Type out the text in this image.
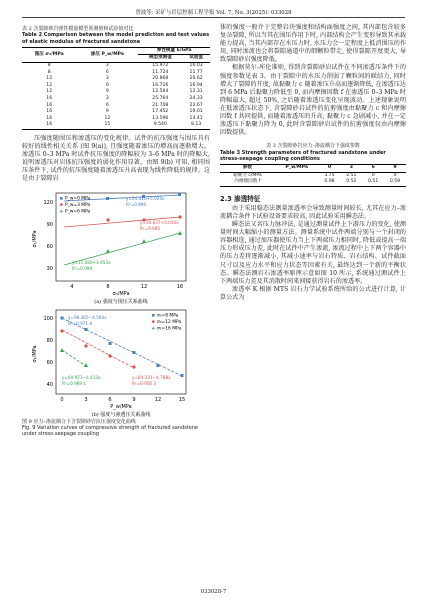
曾波等: 采矿与岩层控制工程学报 Vol. 7, No. 3(2025): 033028

表 2 含裂隙砂岩弹性模量模型预测值和试验值对比

Table 2 Comparison between the model prediction and test values of elastic modulus of fractured sandstone

围压 σ₃/MPa	渗压 P_w/MPa	弹性模量 E/GPa	
		模型预测值	试验值
8	3	15.972	16.03
8	6	11.724	11.77
12	3	20.868	20.62
12	6	16.716	16.94
12	9	12.564	12.31
16	3	25.764	24.33
16	6	21.708	22.67
16	9	17.452	19.01
16	12	13.596	14.41
16	15	9.540	8.13

压强度随围压和渗透压的变化规律。试件的抗压强度与围压具有较好的线性相关关系 (图 9(a)), 且强度随着渗压的增高而逐渐增大。渗透压 0–3 MPa 时试件抗压强度的降幅较为 3–6 MPa 时的降幅大, 说明渗透压对岩体抗压强度的弱化作用显著。由图 9(b) 可知, 相同围压条件下, 试件的抗压强度随着渗透压升高表现为线性降低的规律。这是由于裂隙岩

120
90
60
30
4	8	12	16
σ₁/MPa
σ₃/MPa
P_w=0 MPa
P_w=3 MPa
P_w=6 MPa
y=24.410+5.020x
R²=0.999
y=30.637+3.010x
R²=0.985
y=11.080+3.653x
R²=0.999
(a) 强度与围压关系曲线
100
80
60
40
0	3	6	9	12	15
σ₁/MPa
P_w/MPa
σ₃=8 MPa
σ₃=12 MPa
σ₃=16 MPa
y=98.365−4.564x
R²=0.971 8
y=84.331−4.788x
R²=0.956 3
y=64.973−4.413x
R²=0.989 1
(b) 强度与渗透压关系曲线

图 9 应力–渗流耦合下含裂隙砂岩抗压强度变化曲线

Fig. 9 Variation curves of compressive strength of fractured sandstone under stress-seepage coupling

体的强度一般介于完整岩块强度和结构面强度之间, 其内部包含较多复杂裂隙, 所以当其在围压作用下时, 内部结构会产生变形导致其承载能力提高, 当其内部存在水压力时, 水压力会一定程度上抵消围压的作用, 同时渗流也会将裂隙通道中的细颗粒带走, 使得裂隙开度更大, 导致裂隙砂岩强度降低。

根据莫尔-库伦准则, 得到含裂隙砂岩试件在不同渗透压条件下的强度参数见表 3。由于裂隙中的水压力削弱了颗粒间的联结力, 同时增大了裂隙的开度, 故黏聚力 c 随着渗压升高而逐渐降低, 在渗透压达到 6 MPa 后黏聚力降低至 0, 而内摩擦因数 f 在渗透压 0–3 MPa 时降幅最大, 超过 50%, 之后随着渗透压变化呈现波动。上述现象说明在低渗透压状态下, 含裂隙砂岩试件的抗剪强度由黏聚力 c 和内摩擦因数 f 共同提供, 而随着渗透压的升高, 黏聚力 c 急剧减小, 并在一定渗透压下黏聚力降为 0, 此时含裂隙砂岩试件的抗剪强度仅由内摩擦因数提供。

表 3 含裂隙砂岩应力–渗流耦合下强度参数

Table 3 Strength parameters of fractured sandstone under stress-seepage coupling conditions

参数	P_w/MPa	0	3	6	9
黏聚力 c/MPa		3.75	2.51	0	0
内摩擦因数 f		0.98	0.52	0.51	0.59
2.3 渗透特征

由于采用稳态法测量渗透率会导致测量时间较长, 尤其在应力–渗流耦合条件下试验设备要求较高, 因此试验采用瞬态法。

瞬态法又名压力脉冲法, 是通过测量试件上下游压力的变化, 使测量时间大幅缩小的测量方法。测量系统中试件两端分别与一个封闭的容器相连, 通过加压器使压力当上下两端压力相同时, 降低或提高一端压力形成压力差, 此时在试件中产生渗流, 渗流过程中上下两个容器中的压力差将逐渐减小, 其减小速率与岩石特质、岩石结构、试件截面尺寸以及应力水平和应力状态等因素有关, 最终达到一个新的平衡状态。瞬态法测岩石渗透率原理示意如图 10 所示, 系统通过测试件上下两端压力差及其消散时间来间接获得岩石的渗透率。

渗透率 K 根据 MTS 岩石力学试验系统所给的公式进行计算, 计算公式为

033028-7
